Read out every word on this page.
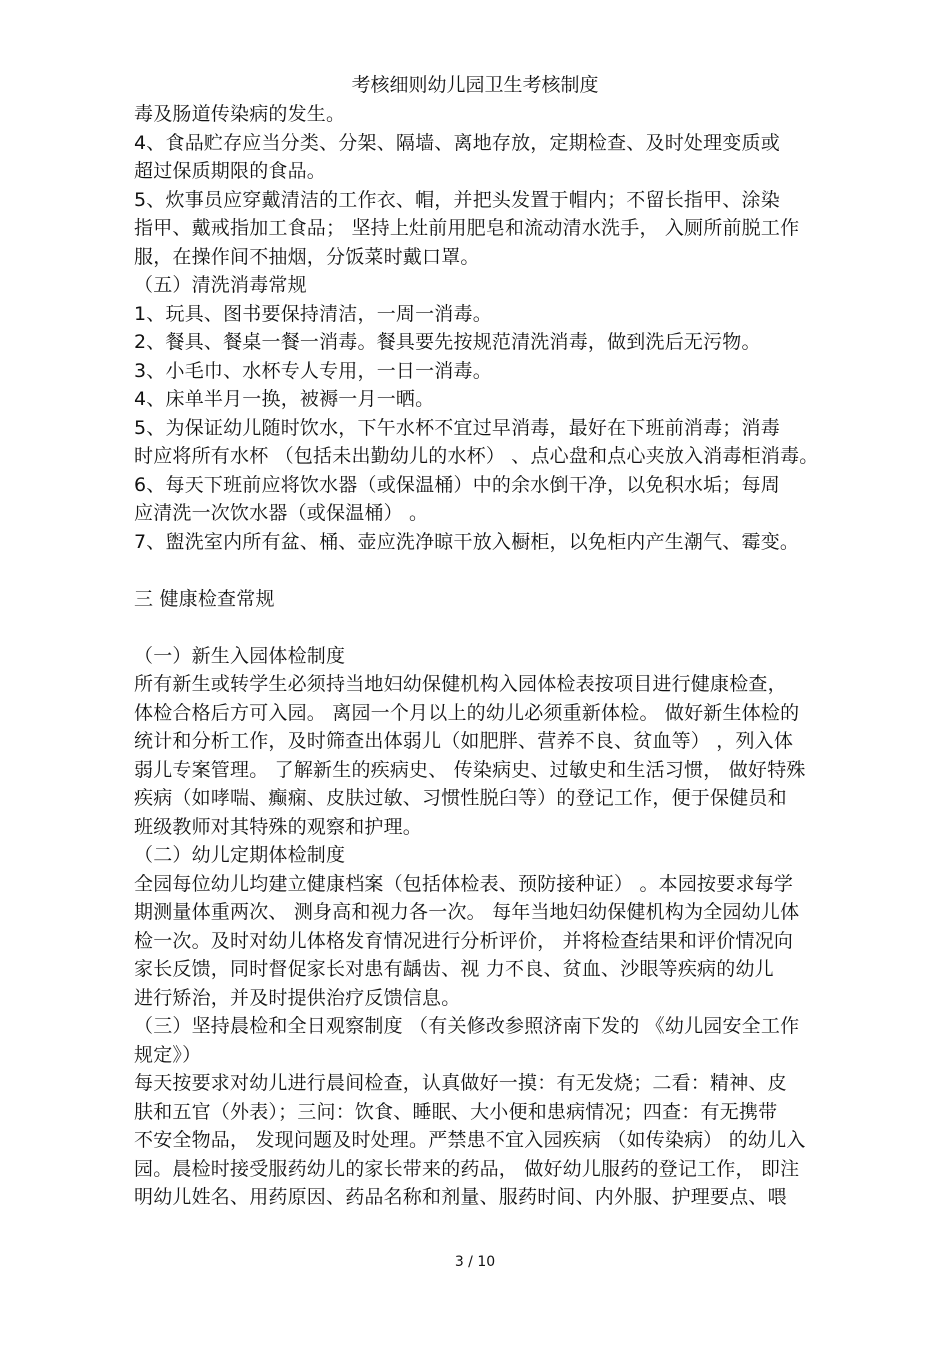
考核细则幼儿园卫生考核制度
毒及肠道传染病的发生。
4、食品贮存应当分类、分架、隔墙、离地存放，定期检查、及时处理变质或
超过保质期限的食品。
5、炊事员应穿戴清洁的工作衣、帽，并把头发置于帽内；不留长指甲、涂染
指甲、戴戒指加工食品； 坚持上灶前用肥皂和流动清水洗手， 入厕所前脱工作
服，在操作间不抽烟，分饭菜时戴口罩。
（五）清洗消毒常规
1、玩具、图书要保持清洁，一周一消毒。
2、餐具、餐桌一餐一消毒。餐具要先按规范清洗消毒，做到洗后无污物。
3、小毛巾、水杯专人专用，一日一消毒。
4、床单半月一换，被褥一月一晒。
5、为保证幼儿随时饮水，下午水杯不宜过早消毒，最好在下班前消毒；消毒
时应将所有水杯 （包括未出勤幼儿的水杯） 、点心盘和点心夹放入消毒柜消毒。
6、每天下班前应将饮水器（或保温桶）中的余水倒干净，以免积水垢；每周
应清洗一次饮水器（或保温桶） 。
7、盥洗室内所有盆、桶、壶应洗净晾干放入橱柜，以免柜内产生潮气、霉变。
三 健康检查常规
（一）新生入园体检制度
所有新生或转学生必须持当地妇幼保健机构入园体检表按项目进行健康检查，
体检合格后方可入园。 离园一个月以上的幼儿必须重新体检。 做好新生体检的
统计和分析工作，及时筛查出体弱儿（如肥胖、营养不良、贫血等） ，列入体
弱儿专案管理。 了解新生的疾病史、 传染病史、过敏史和生活习惯， 做好特殊
疾病（如哮喘、癫痫、皮肤过敏、习惯性脱臼等）的登记工作，便于保健员和
班级教师对其特殊的观察和护理。
（二）幼儿定期体检制度
全园每位幼儿均建立健康档案（包括体检表、预防接种证） 。本园按要求每学
期测量体重两次、 测身高和视力各一次。 每年当地妇幼保健机构为全园幼儿体
检一次。及时对幼儿体格发育情况进行分析评价， 并将检查结果和评价情况向
家长反馈，同时督促家长对患有龋齿、视 力不良、贫血、沙眼等疾病的幼儿
进行矫治，并及时提供治疗反馈信息。
（三）坚持晨检和全日观察制度 （有关修改参照济南下发的 《幼儿园安全工作
规定》）
每天按要求对幼儿进行晨间检查，认真做好一摸：有无发烧；二看：精神、皮
肤和五官（外表）；三问：饮食、睡眠、大小便和患病情况；四查：有无携带
不安全物品， 发现问题及时处理。严禁患不宜入园疾病 （如传染病） 的幼儿入
园。晨检时接受服药幼儿的家长带来的药品， 做好幼儿服药的登记工作， 即注
明幼儿姓名、用药原因、药品名称和剂量、服药时间、内外服、护理要点、喂
3 / 10
